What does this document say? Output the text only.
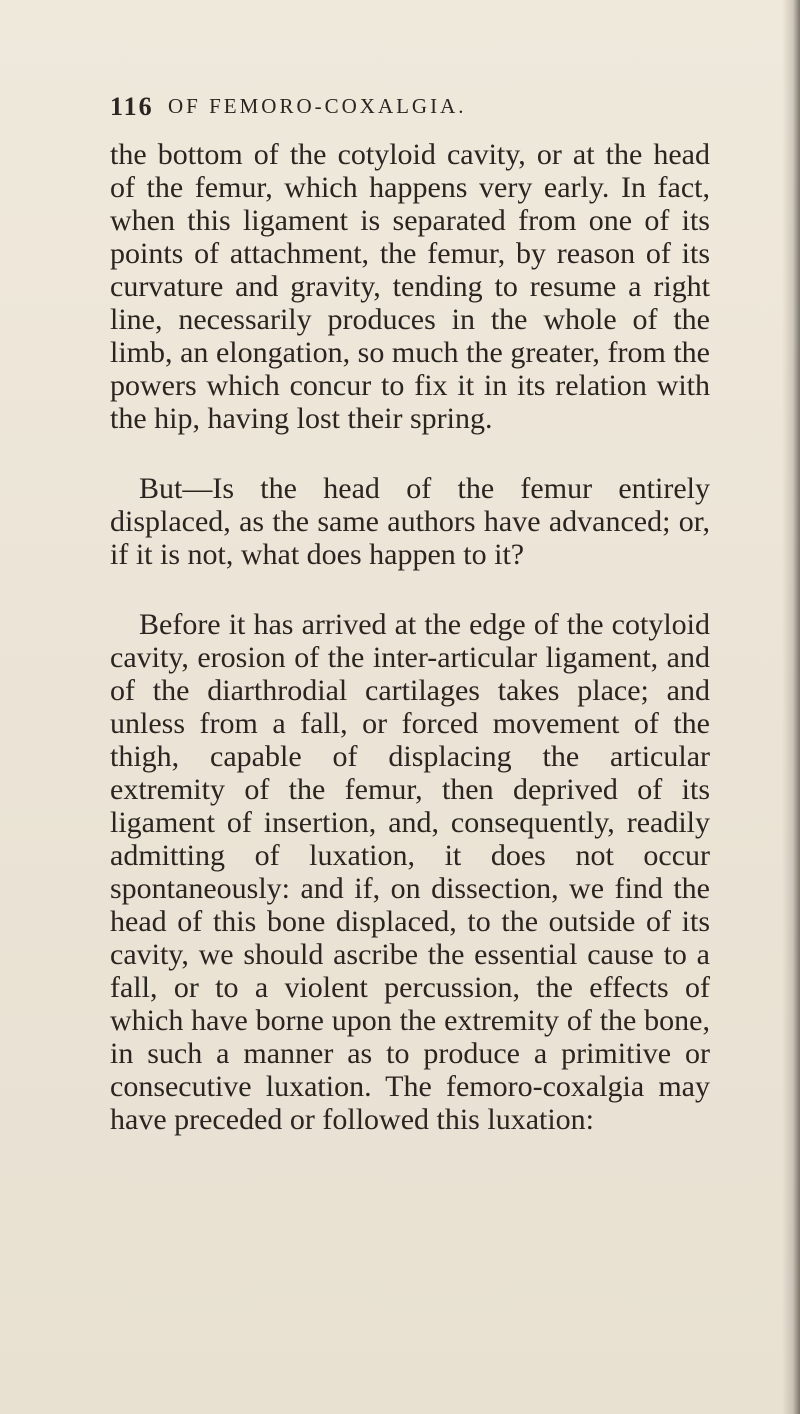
116 OF FEMORO-COXALGIA.

the bottom of the cotyloid cavity, or at the head of the femur, which happens very early. In fact, when this ligament is separated from one of its points of attachment, the femur, by reason of its curvature and gravity, tending to resume a right line, necessarily produces in the whole of the limb, an elongation, so much the greater, from the powers which concur to fix it in its relation with the hip, having lost their spring.

But—Is the head of the femur entirely displaced, as the same authors have advanced; or, if it is not, what does happen to it?

Before it has arrived at the edge of the cotyloid cavity, erosion of the inter-articular ligament, and of the diarthrodial cartilages takes place; and unless from a fall, or forced movement of the thigh, capable of displacing the articular extremity of the femur, then deprived of its ligament of insertion, and, consequently, readily admitting of luxation, it does not occur spontaneously: and if, on dissection, we find the head of this bone displaced, to the outside of its cavity, we should ascribe the essential cause to a fall, or to a violent percussion, the effects of which have borne upon the extremity of the bone, in such a manner as to produce a primitive or consecutive luxation. The femoro-coxalgia may have preceded or followed this luxation:
